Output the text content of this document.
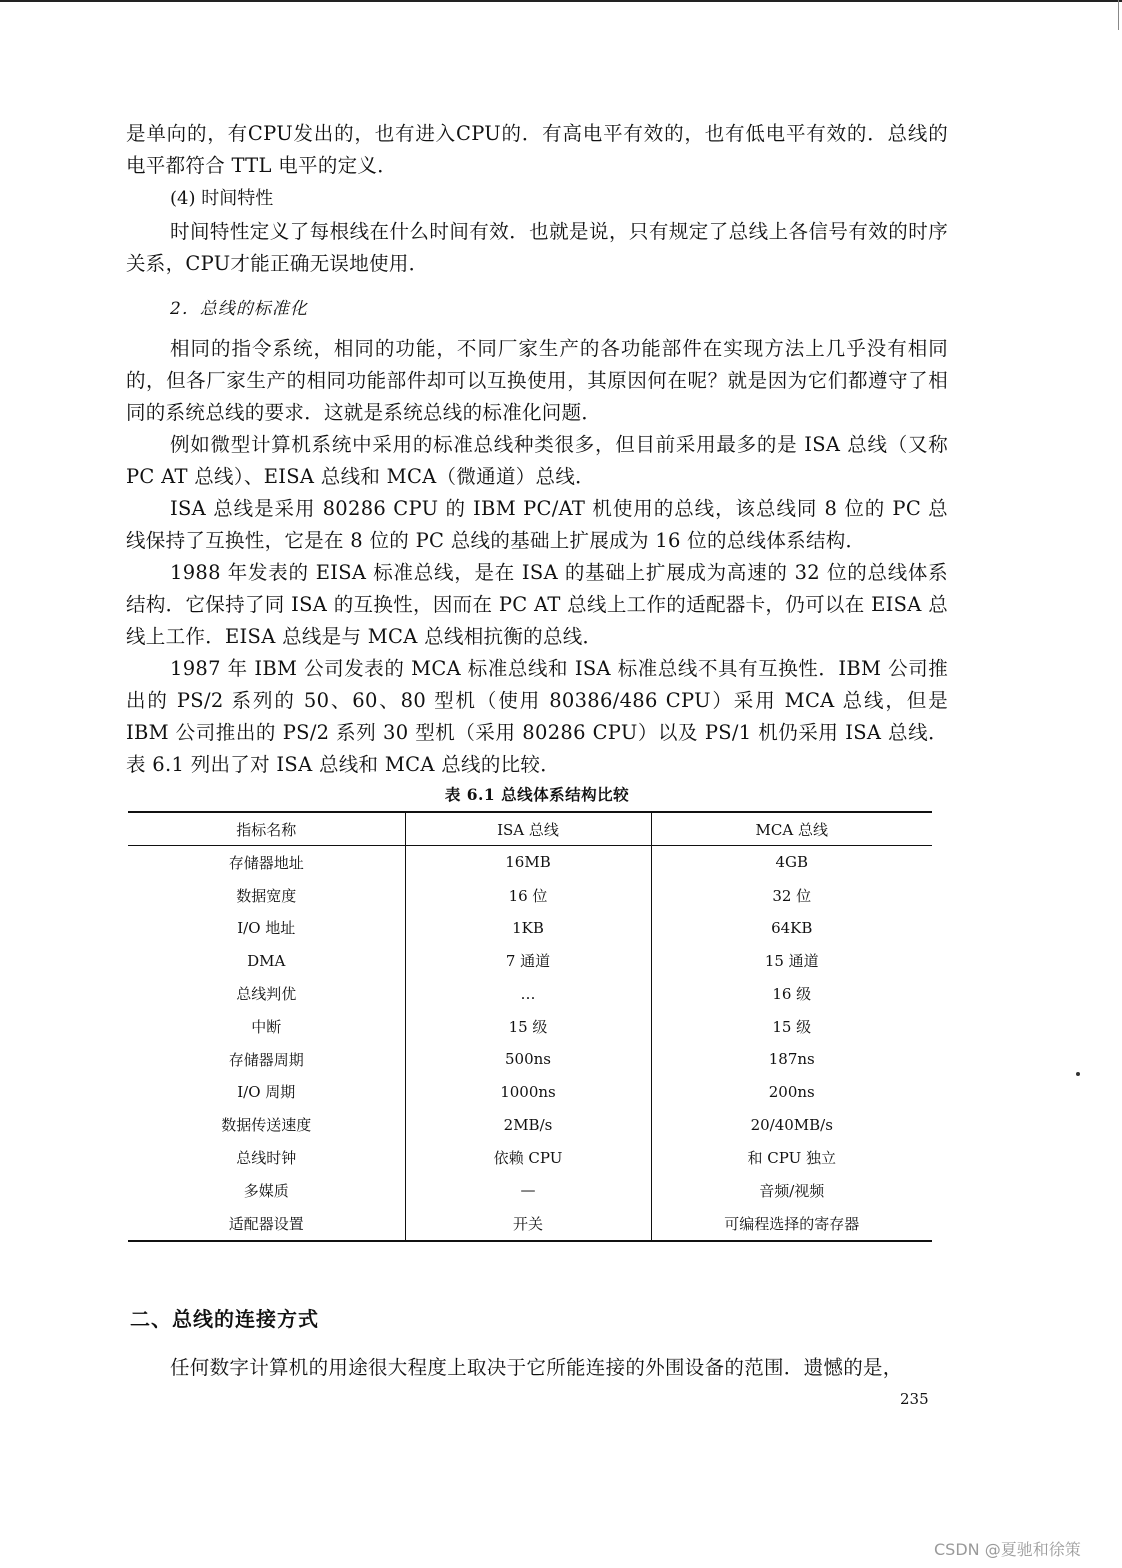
是单向的，有CPU发出的，也有进入CPU的．有高电平有效的，也有低电平有效的．总线的电平都符合 TTL 电平的定义．

(4) 时间特性

时间特性定义了每根线在什么时间有效．也就是说，只有规定了总线上各信号有效的时序关系，CPU才能正确无误地使用．

2．总线的标准化

相同的指令系统，相同的功能，不同厂家生产的各功能部件在实现方法上几乎没有相同的，但各厂家生产的相同功能部件却可以互换使用，其原因何在呢？就是因为它们都遵守了相同的系统总线的要求．这就是系统总线的标准化问题．

例如微型计算机系统中采用的标准总线种类很多，但目前采用最多的是 ISA 总线（又称 PC AT 总线）、EISA 总线和 MCA（微通道）总线．

ISA 总线是采用 80286 CPU 的 IBM PC/AT 机使用的总线，该总线同 8 位的 PC 总线保持了互换性，它是在 8 位的 PC 总线的基础上扩展成为 16 位的总线体系结构．

1988 年发表的 EISA 标准总线，是在 ISA 的基础上扩展成为高速的 32 位的总线体系结构．它保持了同 ISA 的互换性，因而在 PC AT 总线上工作的适配器卡，仍可以在 EISA 总线上工作．EISA 总线是与 MCA 总线相抗衡的总线．

1987 年 IBM 公司发表的 MCA 标准总线和 ISA 标准总线不具有互换性．IBM 公司推出的 PS/2 系列的 50、60、80 型机（使用 80386/486 CPU）采用 MCA 总线，但是 IBM 公司推出的 PS/2 系列 30 型机（采用 80286 CPU）以及 PS/1 机仍采用 ISA 总线．表 6.1 列出了对 ISA 总线和 MCA 总线的比较．

表 6.1 总线体系结构比较
指标名称	ISA 总线	MCA 总线
存储器地址	16MB	4GB
数据宽度	16 位	32 位
I/O 地址	1KB	64KB
DMA	7 通道	15 通道
总线判优	…	16 级
中断	15 级	15 级
存储器周期	500ns	187ns
I/O 周期	1000ns	200ns
数据传送速度	2MB/s	20/40MB/s
总线时钟	依赖 CPU	和 CPU 独立
多媒质	—	音频/视频
适配器设置	开关	可编程选择的寄存器
二、总线的连接方式

任何数字计算机的用途很大程度上取决于它所能连接的外围设备的范围．遗憾的是，

235
CSDN @夏驰和徐策
